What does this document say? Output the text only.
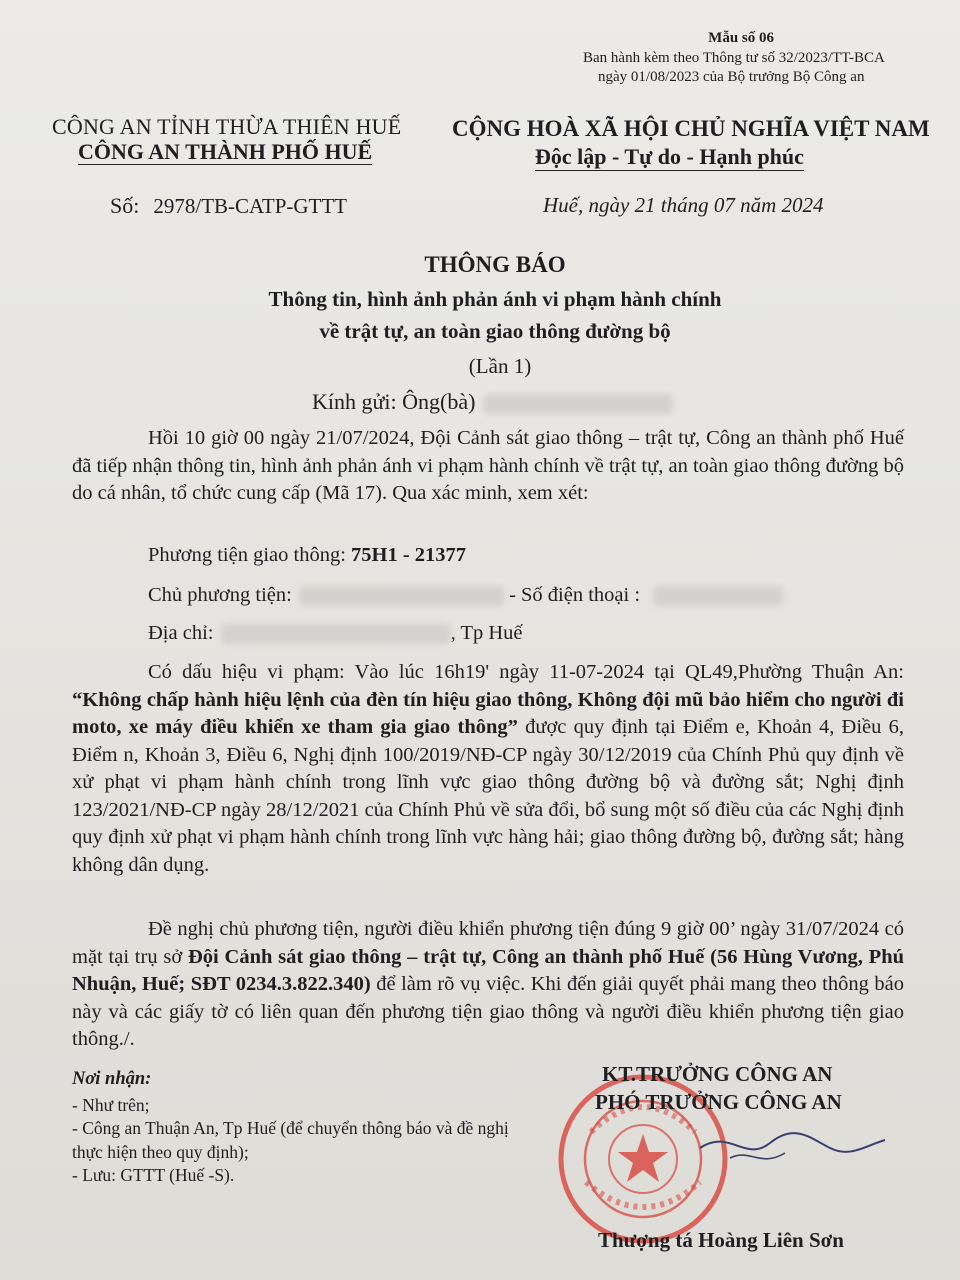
Mẫu số 06
Ban hành kèm theo Thông tư số 32/2023/TT-BCA
ngày 01/08/2023 của Bộ trưởng Bộ Công an
CÔNG AN TỈNH THỪA THIÊN HUẾ
CÔNG AN THÀNH PHỐ HUẾ
CỘNG HOÀ XÃ HỘI CHỦ NGHĨA VIỆT NAM
Độc lập - Tự do - Hạnh phúc
Số: 2978/TB-CATP-GTTT	Huế, ngày 21 tháng 07 năm 2024
THÔNG BÁO
Thông tin, hình ảnh phản ánh vi phạm hành chính
về trật tự, an toàn giao thông đường bộ
(Lần 1)
Kính gửi: Ông(bà)

Hồi 10 giờ 00 ngày 21/07/2024, Đội Cảnh sát giao thông – trật tự, Công an thành phố Huế đã tiếp nhận thông tin, hình ảnh phản ánh vi phạm hành chính về trật tự, an toàn giao thông đường bộ do cá nhân, tổ chức cung cấp (Mã 17). Qua xác minh, xem xét:

Phương tiện giao thông: 75H1 - 21377
Chủ phương tiện:	- Số điện thoại :
Địa chỉ:	, Tp Huế

Có dấu hiệu vi phạm: Vào lúc 16h19' ngày 11-07-2024 tại QL49,Phường Thuận An: “Không chấp hành hiệu lệnh của đèn tín hiệu giao thông, Không đội mũ bảo hiểm cho người đi moto, xe máy điều khiển xe tham gia giao thông” được quy định tại Điểm e, Khoản 4, Điều 6, Điểm n, Khoản 3, Điều 6, Nghị định 100/2019/NĐ-CP ngày 30/12/2019 của Chính Phủ quy định về xử phạt vi phạm hành chính trong lĩnh vực giao thông đường bộ và đường sắt; Nghị định 123/2021/NĐ-CP ngày 28/12/2021 của Chính Phủ về sửa đổi, bổ sung một số điều của các Nghị định quy định xử phạt vi phạm hành chính trong lĩnh vực hàng hải; giao thông đường bộ, đường sắt; hàng không dân dụng.

Đề nghị chủ phương tiện, người điều khiển phương tiện đúng 9 giờ 00’ ngày 31/07/2024 có mặt tại trụ sở Đội Cảnh sát giao thông – trật tự, Công an thành phố Huế (56 Hùng Vương, Phú Nhuận, Huế; SĐT 0234.3.822.340) để làm rõ vụ việc. Khi đến giải quyết phải mang theo thông báo này và các giấy tờ có liên quan đến phương tiện giao thông và người điều khiển phương tiện giao thông./.

Nơi nhận:
- Như trên;
- Công an Thuận An, Tp Huế (để chuyển thông báo và đề nghị thực hiện theo quy định);
- Lưu: GTTT (Huế -S).
KT.TRƯỞNG CÔNG AN
PHÓ TRƯỞNG CÔNG AN
Thượng tá Hoàng Liên Sơn
